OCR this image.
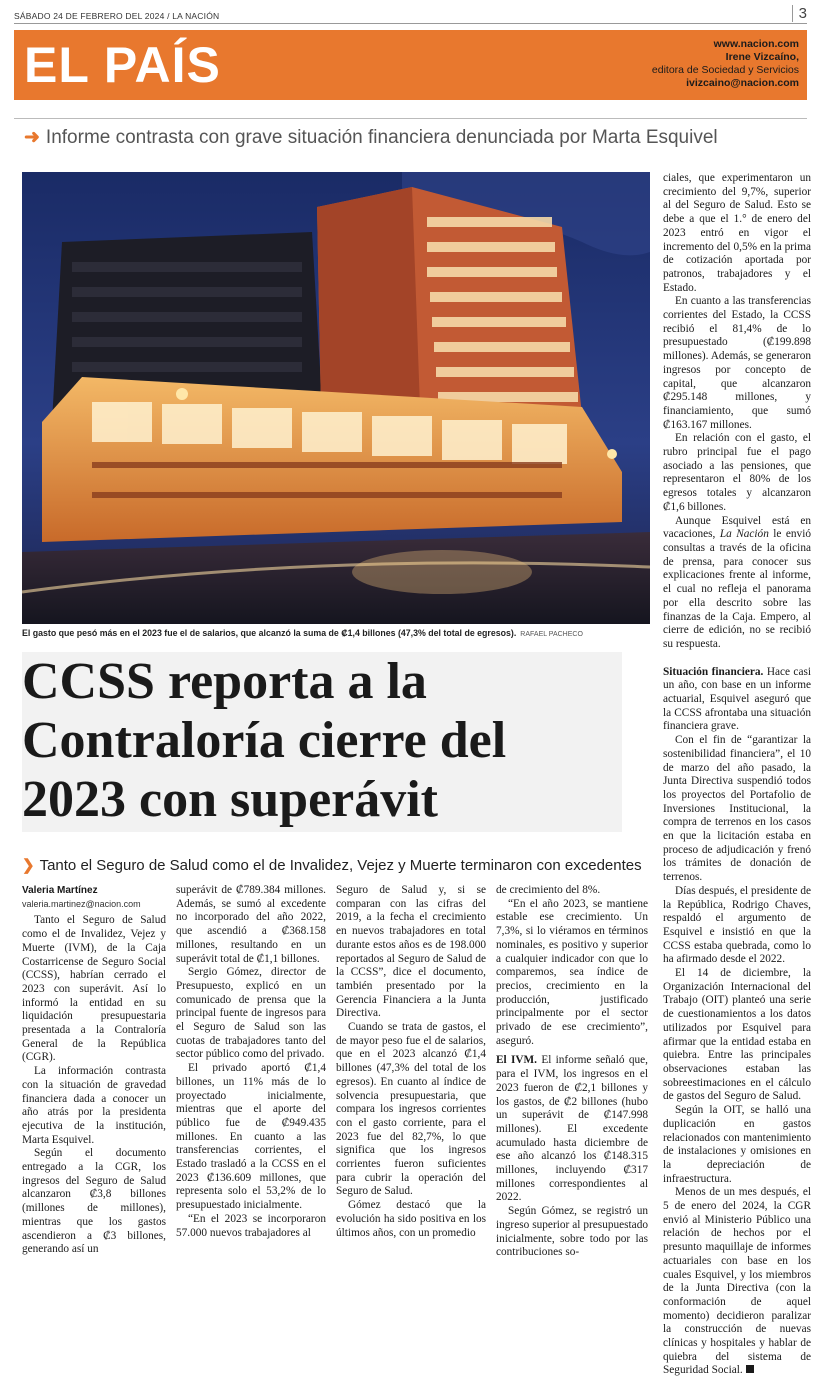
SÁBADO 24 DE FEBRERO DEL 2024 / LA NACIÓN	3
EL PAÍS	www.nacion.com
Irene Vizcaíno,
editora de Sociedad y Servicios
ivizcaino@nacion.com
➜ Informe contrasta con grave situación financiera denunciada por Marta Esquivel
El gasto que pesó más en el 2023 fue el de salarios, que alcanzó la suma de ₡1,4 billones (47,3% del total de egresos). RAFAEL PACHECO
CCSS reporta a la
Contraloría cierre del
2023 con superávit
❯ Tanto el Seguro de Salud como el de Invalidez, Vejez y Muerte terminaron con excedentes
Valeria Martínez
valeria.martinez@nacion.com

Tanto el Seguro de Salud como el de Invalidez, Vejez y Muerte (IVM), de la Caja Costarricense de Seguro Social (CCSS), habrían cerrado el 2023 con superávit. Así lo informó la entidad en su liquidación presupuestaria presentada a la Contraloría General de la República (CGR).

La información contrasta con la situación de gravedad financiera dada a conocer un año atrás por la presidenta ejecutiva de la institución, Marta Esquivel.

Según el documento entregado a la CGR, los ingresos del Seguro de Salud alcanzaron ₡3,8 billones (millones de millones), mientras que los gastos ascendieron a ₡3 billones, generando así un

superávit de ₡789.384 millones. Además, se sumó al excedente no incorporado del año 2022, que ascendió a ₡368.158 millones, resultando en un superávit total de ₡1,1 billones.

Sergio Gómez, director de Presupuesto, explicó en un comunicado de prensa que la principal fuente de ingresos para el Seguro de Salud son las cuotas de trabajadores tanto del sector público como del privado.

El privado aportó ₡1,4 billones, un 11% más de lo proyectado inicialmente, mientras que el aporte del público fue de ₡949.435 millones. En cuanto a las transferencias corrientes, el Estado trasladó a la CCSS en el 2023 ₡136.609 millones, que representa solo el 53,2% de lo presupuestado inicialmente.

“En el 2023 se incorporaron 57.000 nuevos trabajadores al

Seguro de Salud y, si se comparan con las cifras del 2019, a la fecha el crecimiento en nuevos trabajadores en total durante estos años es de 198.000 reportados al Seguro de Salud de la CCSS”, dice el documento, también presentado por la Gerencia Financiera a la Junta Directiva.

Cuando se trata de gastos, el de mayor peso fue el de salarios, que en el 2023 alcanzó ₡1,4 billones (47,3% del total de los egresos). En cuanto al índice de solvencia presupuestaria, que compara los ingresos corrientes con el gasto corriente, para el 2023 fue del 82,7%, lo que significa que los ingresos corrientes fueron suficientes para cubrir la operación del Seguro de Salud.

Gómez destacó que la evolución ha sido positiva en los últimos años, con un promedio

de crecimiento del 8%.

“En el año 2023, se mantiene estable ese crecimiento. Un 7,3%, si lo viéramos en términos nominales, es positivo y superior a cualquier indicador con que lo comparemos, sea índice de precios, crecimiento en la producción, justificado principalmente por el sector privado de ese crecimiento”, aseguró.

El IVM. El informe señaló que, para el IVM, los ingresos en el 2023 fueron de ₡2,1 billones y los gastos, de ₡2 billones (hubo un superávit de ₡147.998 millones). El excedente acumulado hasta diciembre de ese año alcanzó los ₡148.315 millones, incluyendo ₡317 millones correspondientes al 2022.

Según Gómez, se registró un ingreso superior al presupuestado inicialmente, sobre todo por las contribuciones so-

ciales, que experimentaron un crecimiento del 9,7%, superior al del Seguro de Salud. Esto se debe a que el 1.° de enero del 2023 entró en vigor el incremento del 0,5% en la prima de cotización aportada por patronos, trabajadores y el Estado.

En cuanto a las transferencias corrientes del Estado, la CCSS recibió el 81,4% de lo presupuestado (₡199.898 millones). Además, se generaron ingresos por concepto de capital, que alcanzaron ₡295.148 millones, y financiamiento, que sumó ₡163.167 millones.

En relación con el gasto, el rubro principal fue el pago asociado a las pensiones, que representaron el 80% de los egresos totales y alcanzaron ₡1,6 billones.

Aunque Esquivel está en vacaciones, La Nación le envió consultas a través de la oficina de prensa, para conocer sus explicaciones frente al informe, el cual no refleja el panorama por ella descrito sobre las finanzas de la Caja. Empero, al cierre de edición, no se recibió su respuesta.

Situación financiera. Hace casi un año, con base en un informe actuarial, Esquivel aseguró que la CCSS afrontaba una situación financiera grave.

Con el fin de “garantizar la sostenibilidad financiera”, el 10 de marzo del año pasado, la Junta Directiva suspendió todos los proyectos del Portafolio de Inversiones Institucional, la compra de terrenos en los casos en que la licitación estaba en proceso de adjudicación y frenó los trámites de donación de terrenos.

Días después, el presidente de la República, Rodrigo Chaves, respaldó el argumento de Esquivel e insistió en que la CCSS estaba quebrada, como lo ha afirmado desde el 2022.

El 14 de diciembre, la Organización Internacional del Trabajo (OIT) planteó una serie de cuestionamientos a los datos utilizados por Esquivel para afirmar que la entidad estaba en quiebra. Entre las principales observaciones estaban las sobreestimaciones en el cálculo de gastos del Seguro de Salud.

Según la OIT, se halló una duplicación en gastos relacionados con mantenimiento de instalaciones y omisiones en la depreciación de infraestructura.

Menos de un mes después, el 5 de enero del 2024, la CGR envió al Ministerio Público una relación de hechos por el presunto maquillaje de informes actuariales con base en los cuales Esquivel, y los miembros de la Junta Directiva (con la conformación de aquel momento) decidieron paralizar la construcción de nuevas clínicas y hospitales y hablar de quiebra del sistema de Seguridad Social.
